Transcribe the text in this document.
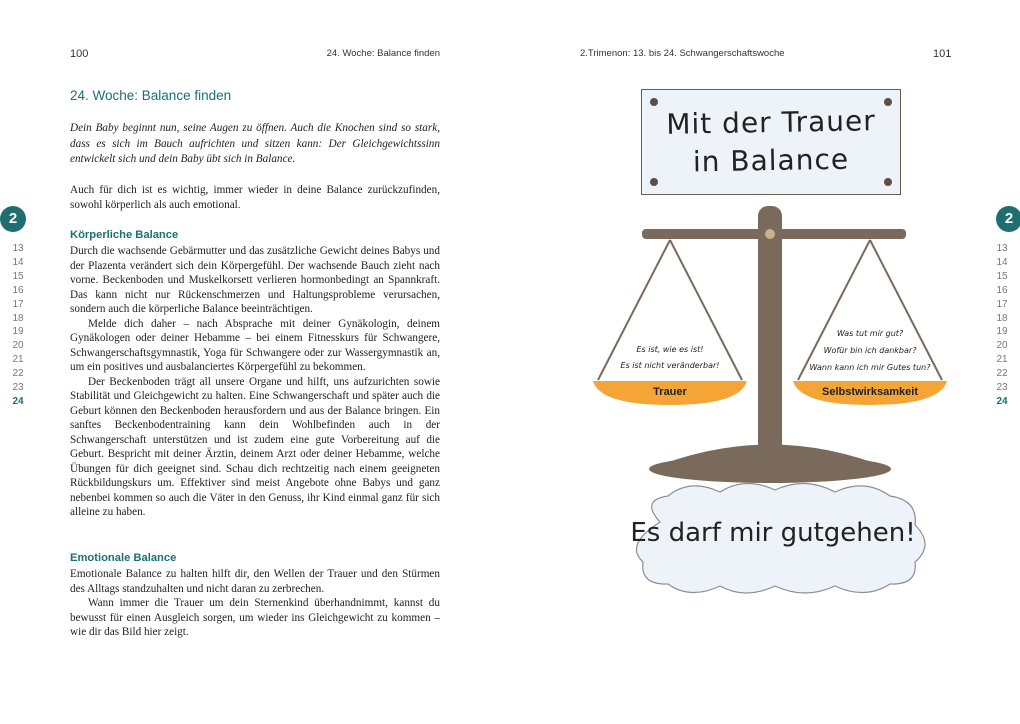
100	24. Woche: Balance finden
24. Woche: Balance finden
Dein Baby beginnt nun, seine Augen zu öffnen. Auch die Knochen sind so stark, dass es sich im Bauch aufrichten und sitzen kann: Der Gleichgewichtssinn entwickelt sich und dein Baby übt sich in Balance.

Auch für dich ist es wichtig, immer wieder in deine Balance zurückzufinden, sowohl körperlich als auch emotional.

Körperliche Balance

Durch die wachsende Gebärmutter und das zusätzliche Gewicht deines Babys und der Plazenta verändert sich dein Körpergefühl. Der wachsende Bauch zieht nach vorne. Beckenboden und Muskelkorsett verlieren hormonbedingt an Spannkraft. Das kann nicht nur Rückenschmerzen und Haltungsprobleme verursachen, sondern auch die körperliche Balance beeinträchtigen.

Melde dich daher – nach Absprache mit deiner Gynäkologin, deinem Gynäkologen oder deiner Hebamme – bei einem Fitnesskurs für Schwangere, Schwangerschaftsgymnastik, Yoga für Schwangere oder zur Wassergymnastik an, um ein positives und ausbalanciertes Körpergefühl zu bekommen.

Der Beckenboden trägt all unsere Organe und hilft, uns aufzurichten sowie Stabilität und Gleichgewicht zu halten. Eine Schwangerschaft und später auch die Geburt können den Beckenboden herausfordern und aus der Balance bringen. Ein sanftes Beckenbodentraining kann dein Wohlbefinden auch in der Schwangerschaft unterstützen und ist zudem eine gute Vorbereitung auf die Geburt. Bespricht mit deiner Ärztin, deinem Arzt oder deiner Hebamme, welche Übungen für dich geeignet sind. Schau dich rechtzeitig nach einem geeigneten Rückbildungskurs um. Effektiver sind meist Angebote ohne Babys und ganz nebenbei kommen so auch die Väter in den Genuss, ihr Kind einmal ganz für sich alleine zu haben.

Emotionale Balance

Emotionale Balance zu halten hilft dir, den Wellen der Trauer und den Stürmen des Alltags standzuhalten und nicht daran zu zerbrechen.

Wann immer die Trauer um dein Sternenkind überhandnimmt, kannst du bewusst für einen Ausgleich sorgen, um wieder ins Gleichgewicht zu kommen – wie dir das Bild hier zeigt.

2
13
14
15
16
17
18
19
20
21
22
23
24
2.Trimenon: 13. bis 24. Schwangerschaftswoche	101
2
13
14
15
16
17
18
19
20
21
22
23
24
Mit der Trauer
in Balance
Es ist, wie es ist!
Es ist nicht veränderbar!
Trauer
Was tut mir gut?
Wofür bin ich dankbar?
Wann kann ich mir Gutes tun?
Selbstwirksamkeit
Es darf mir gutgehen!
